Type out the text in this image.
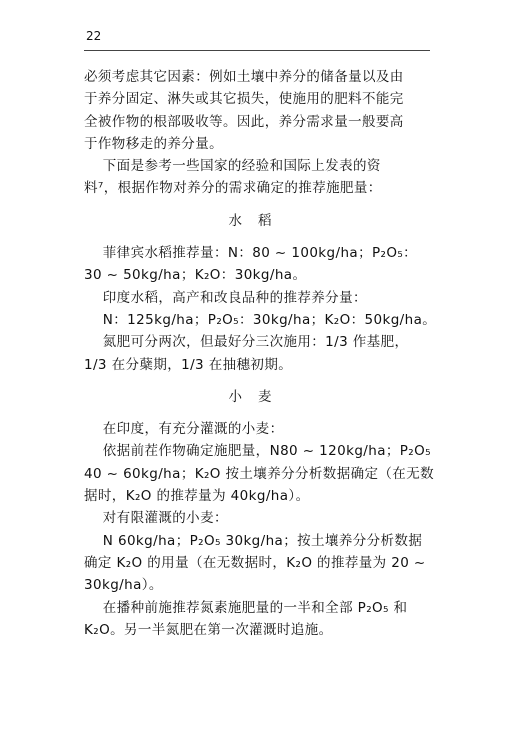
22
必须考虑其它因素：例如土壤中养分的储备量以及由
于养分固定、淋失或其它损失，使施用的肥料不能完
全被作物的根部吸收等。因此，养分需求量一般要高
于作物移走的养分量。
下面是参考一些国家的经验和国际上发表的资
料⁷，根据作物对养分的需求确定的推荐施肥量：
水稻
菲律宾水稻推荐量：N：80 ~ 100kg/ha；P₂O₅：
30 ~ 50kg/ha；K₂O：30kg/ha。
印度水稻，高产和改良品种的推荐养分量：
N：125kg/ha；P₂O₅：30kg/ha；K₂O：50kg/ha。
氮肥可分两次，但最好分三次施用：1/3 作基肥，
1/3 在分蘖期，1/3 在抽穗初期。
小麦
在印度，有充分灌溉的小麦：
依据前茬作物确定施肥量，N80 ~ 120kg/ha；P₂O₅
40 ~ 60kg/ha；K₂O 按土壤养分分析数据确定（在无数
据时，K₂O 的推荐量为 40kg/ha）。
对有限灌溉的小麦：
N 60kg/ha；P₂O₅ 30kg/ha；按土壤养分分析数据
确定 K₂O 的用量（在无数据时，K₂O 的推荐量为 20 ~
30kg/ha）。
在播种前施推荐氮素施肥量的一半和全部 P₂O₅ 和
K₂O。另一半氮肥在第一次灌溉时追施。
